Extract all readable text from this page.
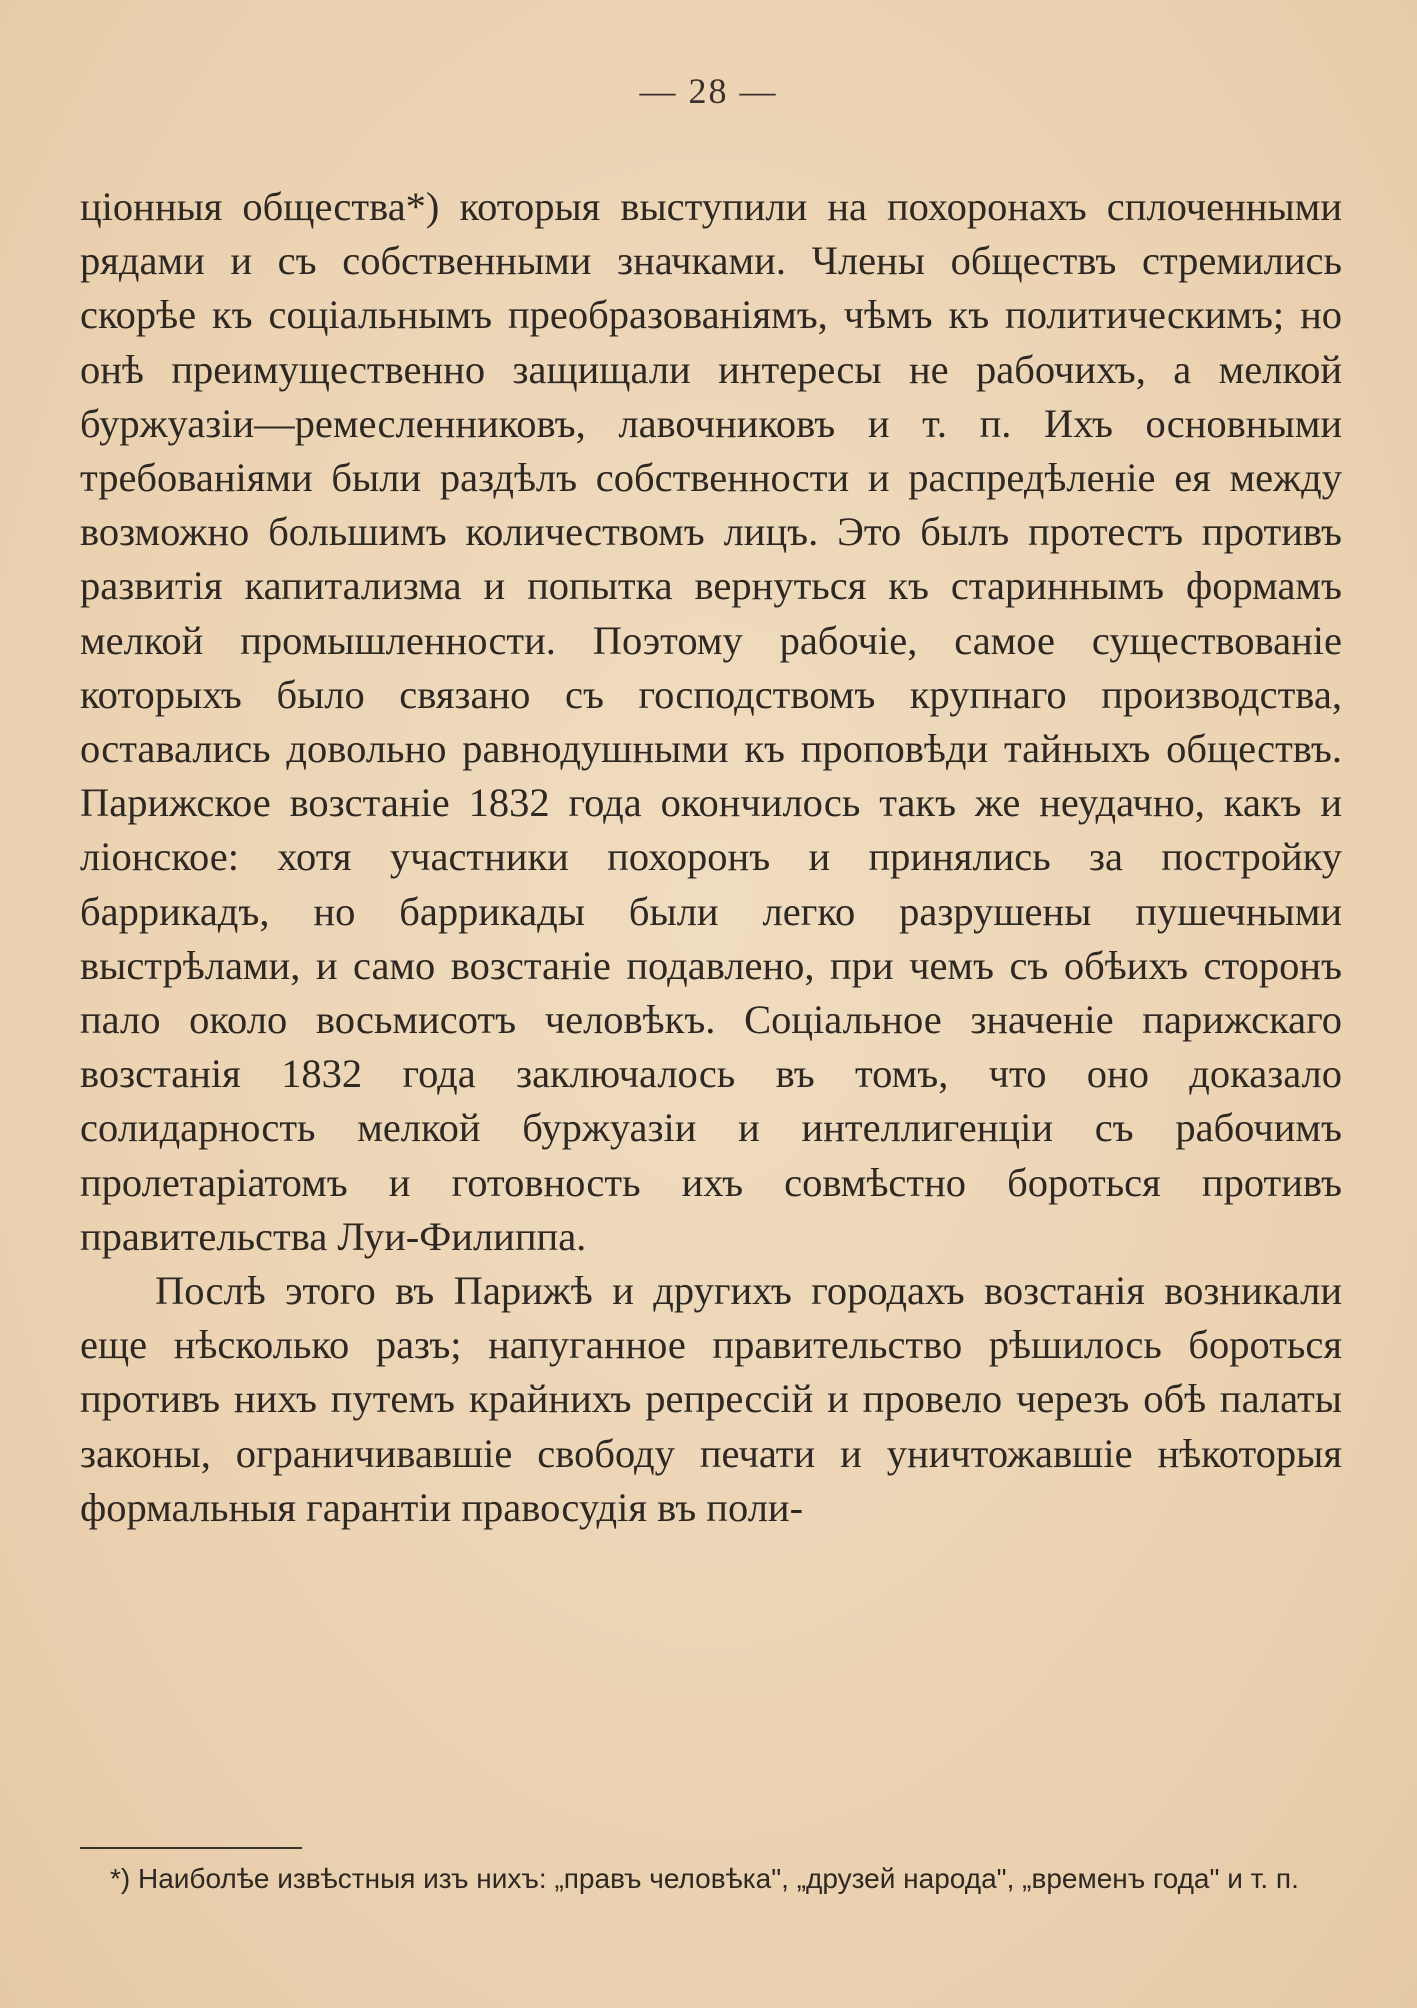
— 28 —

ціонныя общества*) которыя выступили на похоронахъ сплоченными рядами и съ собственными значками. Члены обществъ стремились скорѣе къ соціальнымъ преобразованіямъ, чѣмъ къ политическимъ; но онѣ преимущественно защищали интересы не рабочихъ, а мелкой буржуазіи—ремесленниковъ, лавочниковъ и т. п. Ихъ основными требованіями были раздѣлъ собственности и распредѣленіе ея между возможно большимъ количествомъ лицъ. Это былъ протестъ противъ развитія капитализма и попытка вернуться къ стариннымъ формамъ мелкой промышленности. Поэтому рабочіе, самое существованіе которыхъ было связано съ господствомъ крупнаго производства, оставались довольно равнодушными къ проповѣди тайныхъ обществъ. Парижское возстаніе 1832 года окончилось такъ же неудачно, какъ и ліонское: хотя участники похоронъ и принялись за постройку баррикадъ, но баррикады были легко разрушены пушечными выстрѣлами, и само возстаніе подавлено, при чемъ съ обѣихъ сторонъ пало около восьмисотъ человѣкъ. Соціальное значеніе парижскаго возстанія 1832 года заключалось въ томъ, что оно доказало солидарность мелкой буржуазіи и интеллигенціи съ рабочимъ пролетаріатомъ и готовность ихъ совмѣстно бороться противъ правительства Луи-Филиппа.

Послѣ этого въ Парижѣ и другихъ городахъ возстанія возникали еще нѣсколько разъ; напуганное правительство рѣшилось бороться противъ нихъ путемъ крайнихъ репрессій и провело черезъ обѣ палаты законы, ограничивавшіе свободу печати и уничтожавшіе нѣкоторыя формальныя гарантіи правосудія въ поли-

*) Наиболѣе извѣстныя изъ нихъ: „правъ человѣка", „друзей народа", „временъ года" и т. п.
